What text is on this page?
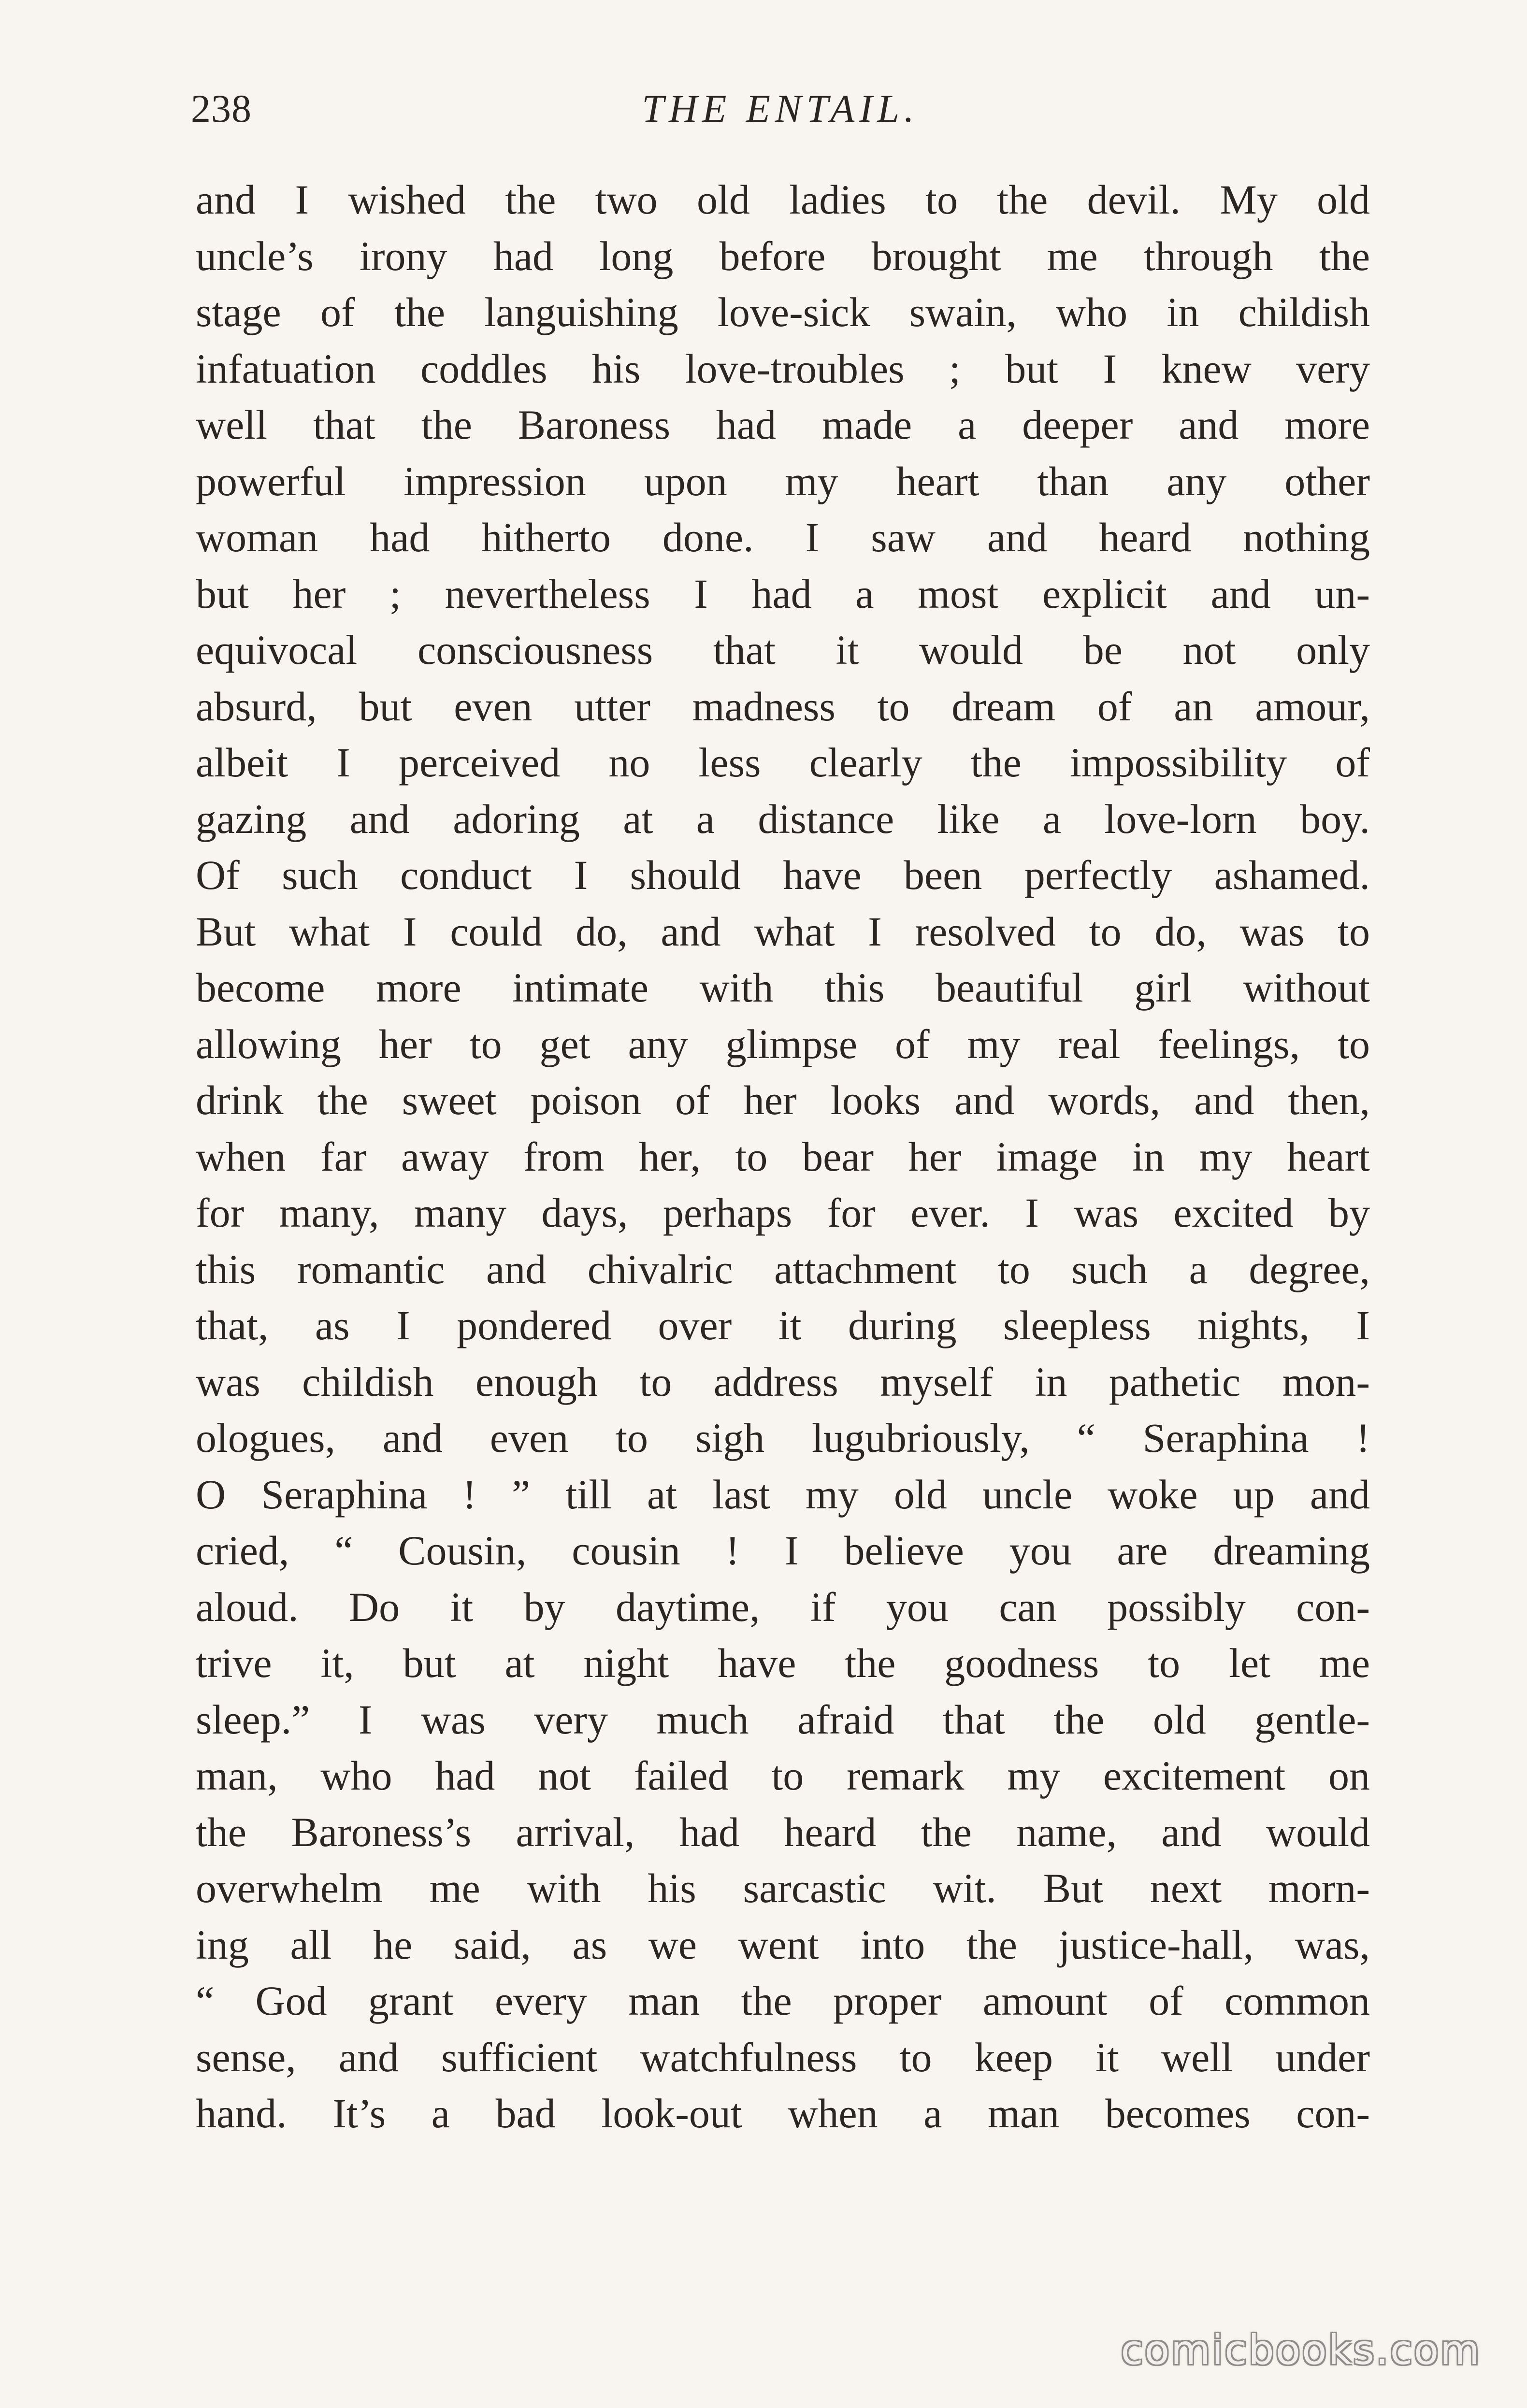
238	THE ENTAIL.
and I wished the two old ladies to the devil. My old
uncle’s irony had long before brought me through the
stage of the languishing love-sick swain, who in childish
infatuation coddles his love-troubles ; but I knew very
well that the Baroness had made a deeper and more
powerful impression upon my heart than any other
woman had hitherto done. I saw and heard nothing
but her ; nevertheless I had a most explicit and un-
equivocal consciousness that it would be not only
absurd, but even utter madness to dream of an amour,
albeit I perceived no less clearly the impossibility of
gazing and adoring at a distance like a love-lorn boy.
Of such conduct I should have been perfectly ashamed.
But what I could do, and what I resolved to do, was to
become more intimate with this beautiful girl without
allowing her to get any glimpse of my real feelings, to
drink the sweet poison of her looks and words, and then,
when far away from her, to bear her image in my heart
for many, many days, perhaps for ever. I was excited by
this romantic and chivalric attachment to such a degree,
that, as I pondered over it during sleepless nights, I
was childish enough to address myself in pathetic mon-
ologues, and even to sigh lugubriously, “ Seraphina !
O Seraphina ! ” till at last my old uncle woke up and
cried, “ Cousin, cousin ! I believe you are dreaming
aloud. Do it by daytime, if you can possibly con-
trive it, but at night have the goodness to let me
sleep.” I was very much afraid that the old gentle-
man, who had not failed to remark my excitement on
the Baroness’s arrival, had heard the name, and would
overwhelm me with his sarcastic wit. But next morn-
ing all he said, as we went into the justice-hall, was,
“ God grant every man the proper amount of common
sense, and sufficient watchfulness to keep it well under
hand. It’s a bad look-out when a man becomes con-
comicbooks.com
